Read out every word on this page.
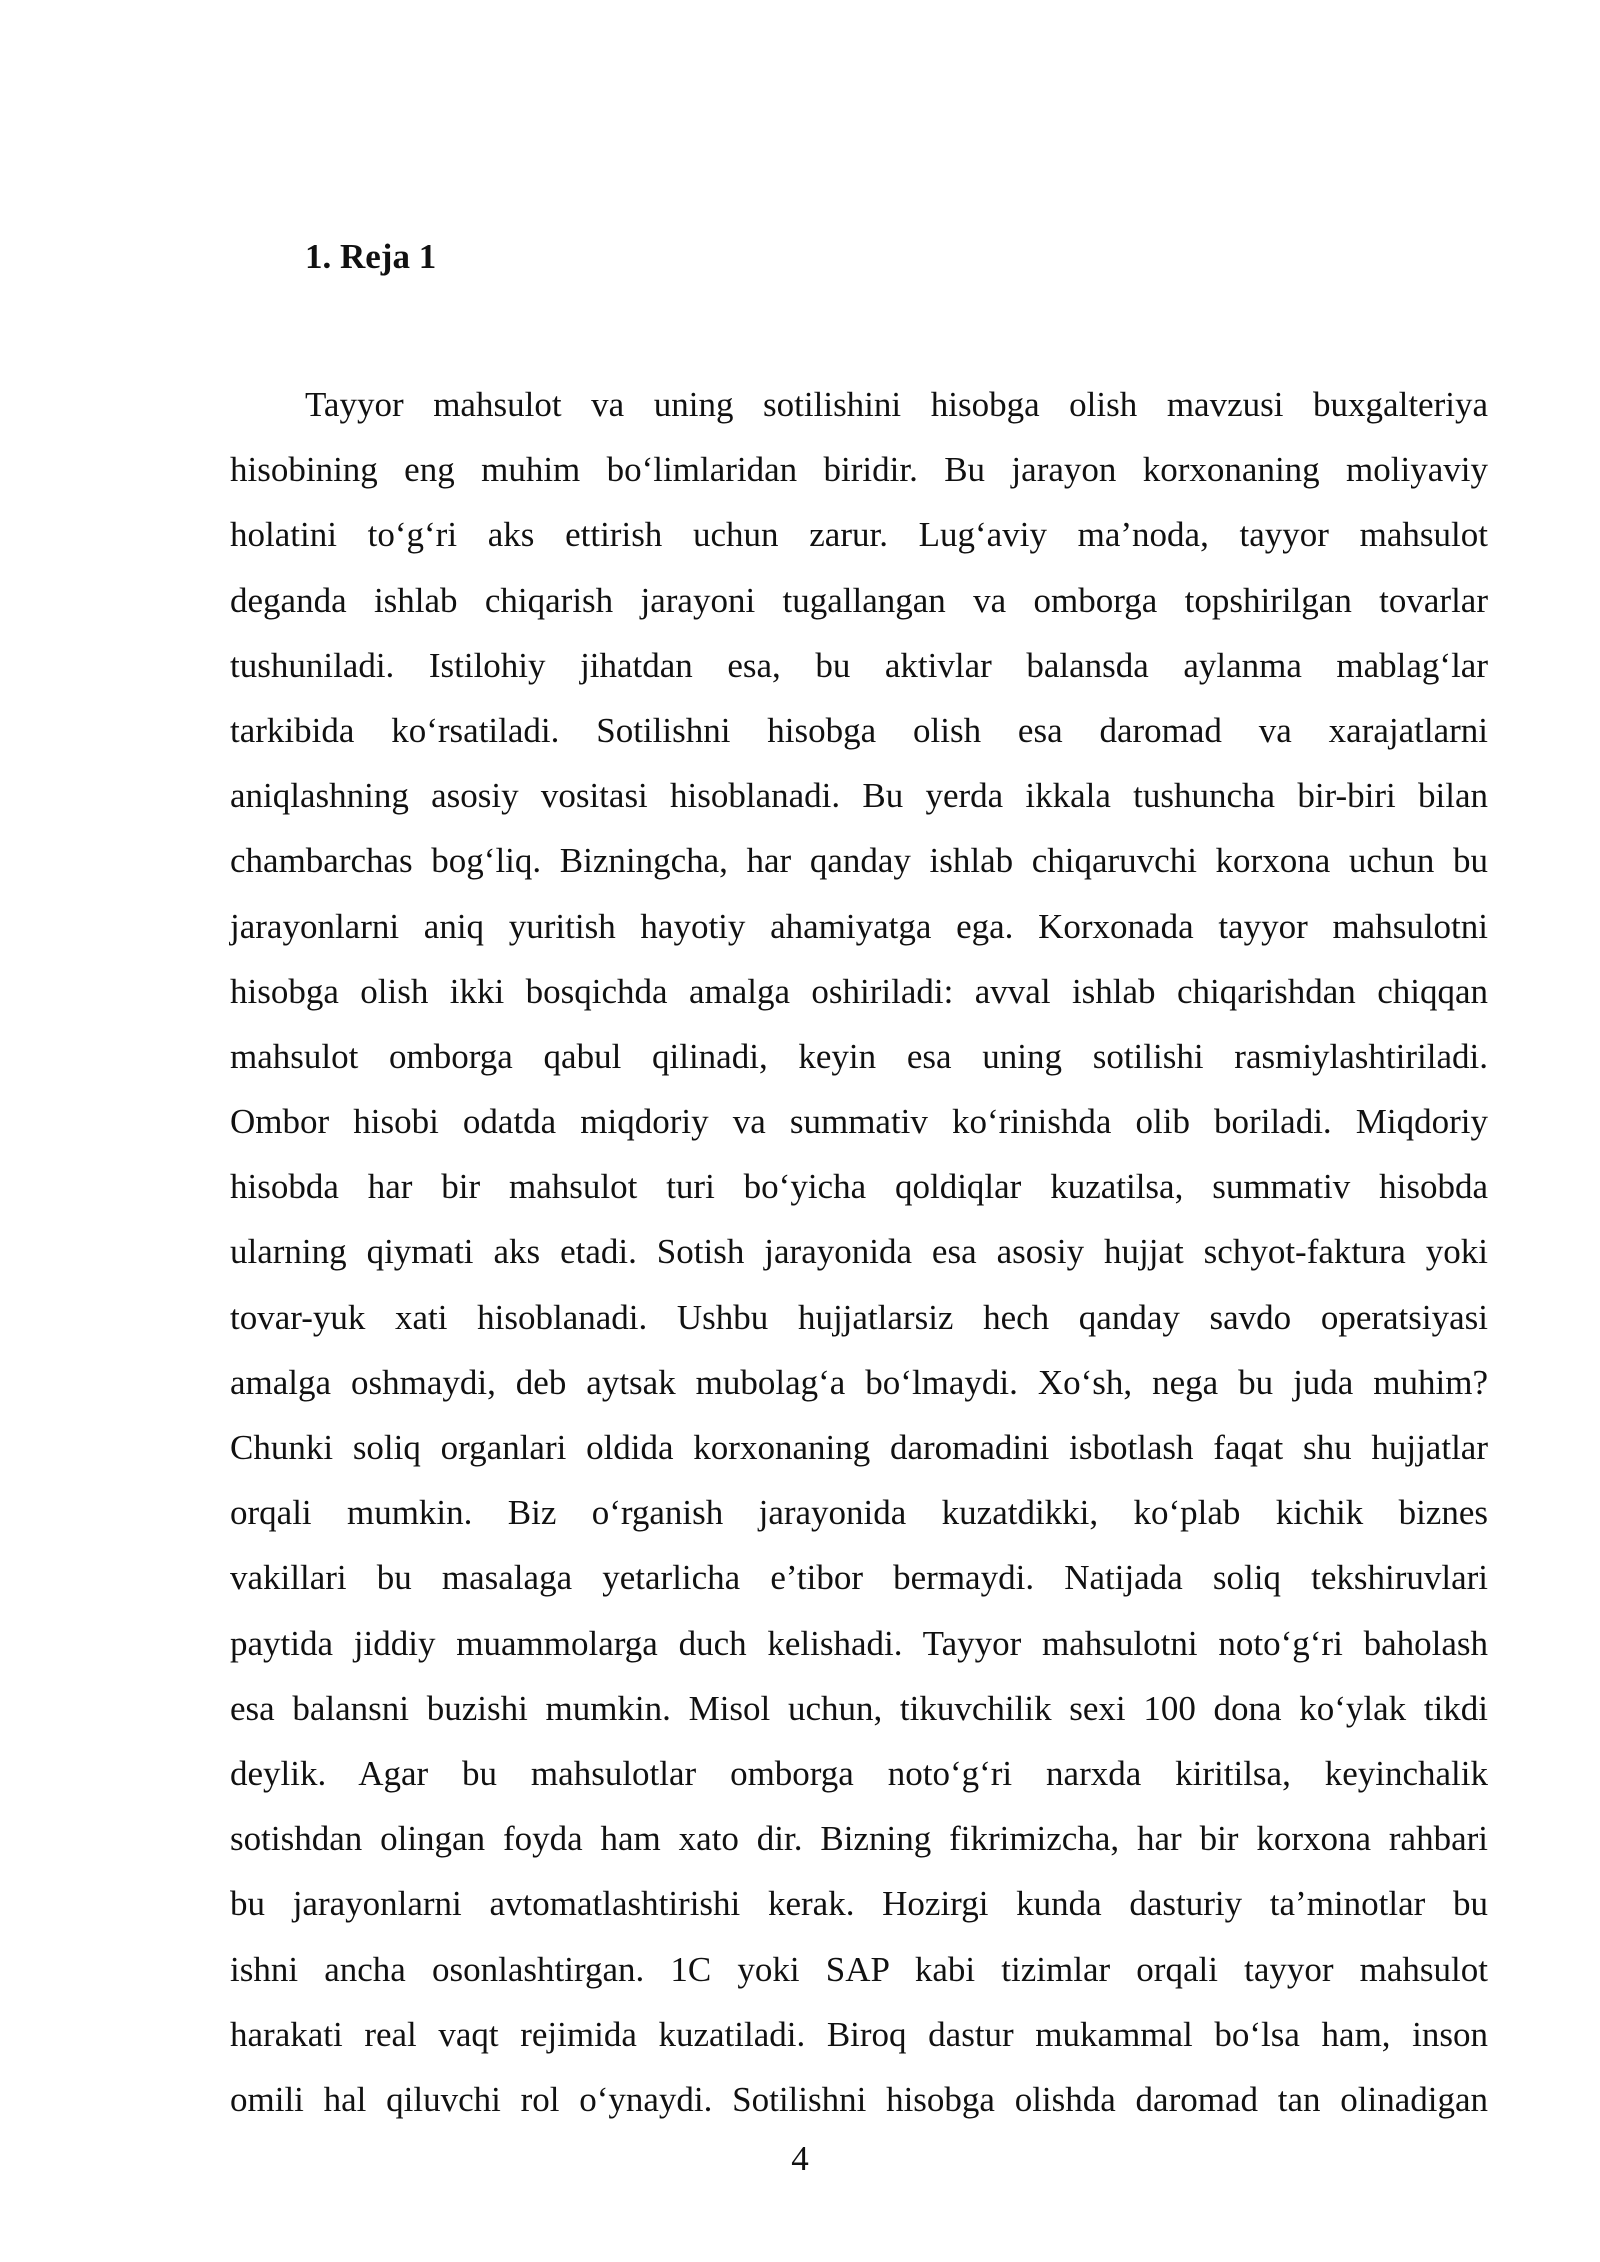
1. Reja 1
Tayyor mahsulot va uning sotilishini hisobga olish mavzusi buxgalteriya
hisobining eng muhim bo‘limlaridan biridir. Bu jarayon korxonaning moliyaviy
holatini to‘g‘ri aks ettirish uchun zarur. Lug‘aviy ma’noda, tayyor mahsulot
deganda ishlab chiqarish jarayoni tugallangan va omborga topshirilgan tovarlar
tushuniladi. Istilohiy jihatdan esa, bu aktivlar balansda aylanma mablag‘lar
tarkibida ko‘rsatiladi. Sotilishni hisobga olish esa daromad va xarajatlarni
aniqlashning asosiy vositasi hisoblanadi. Bu yerda ikkala tushuncha bir-biri bilan
chambarchas bog‘liq. Bizningcha, har qanday ishlab chiqaruvchi korxona uchun bu
jarayonlarni aniq yuritish hayotiy ahamiyatga ega. Korxonada tayyor mahsulotni
hisobga olish ikki bosqichda amalga oshiriladi: avval ishlab chiqarishdan chiqqan
mahsulot omborga qabul qilinadi, keyin esa uning sotilishi rasmiylashtiriladi.
Ombor hisobi odatda miqdoriy va summativ ko‘rinishda olib boriladi. Miqdoriy
hisobda har bir mahsulot turi bo‘yicha qoldiqlar kuzatilsa, summativ hisobda
ularning qiymati aks etadi. Sotish jarayonida esa asosiy hujjat schyot-faktura yoki
tovar-yuk xati hisoblanadi. Ushbu hujjatlarsiz hech qanday savdo operatsiyasi
amalga oshmaydi, deb aytsak mubolag‘a bo‘lmaydi. Xo‘sh, nega bu juda muhim?
Chunki soliq organlari oldida korxonaning daromadini isbotlash faqat shu hujjatlar
orqali mumkin. Biz o‘rganish jarayonida kuzatdikki, ko‘plab kichik biznes
vakillari bu masalaga yetarlicha e’tibor bermaydi. Natijada soliq tekshiruvlari
paytida jiddiy muammolarga duch kelishadi. Tayyor mahsulotni noto‘g‘ri baholash
esa balansni buzishi mumkin. Misol uchun, tikuvchilik sexi 100 dona ko‘ylak tikdi
deylik. Agar bu mahsulotlar omborga noto‘g‘ri narxda kiritilsa, keyinchalik
sotishdan olingan foyda ham xato dir. Bizning fikrimizcha, har bir korxona rahbari
bu jarayonlarni avtomatlashtirishi kerak. Hozirgi kunda dasturiy ta’minotlar bu
ishni ancha osonlashtirgan. 1C yoki SAP kabi tizimlar orqali tayyor mahsulot
harakati real vaqt rejimida kuzatiladi. Biroq dastur mukammal bo‘lsa ham, inson
omili hal qiluvchi rol o‘ynaydi. Sotilishni hisobga olishda daromad tan olinadigan
4
